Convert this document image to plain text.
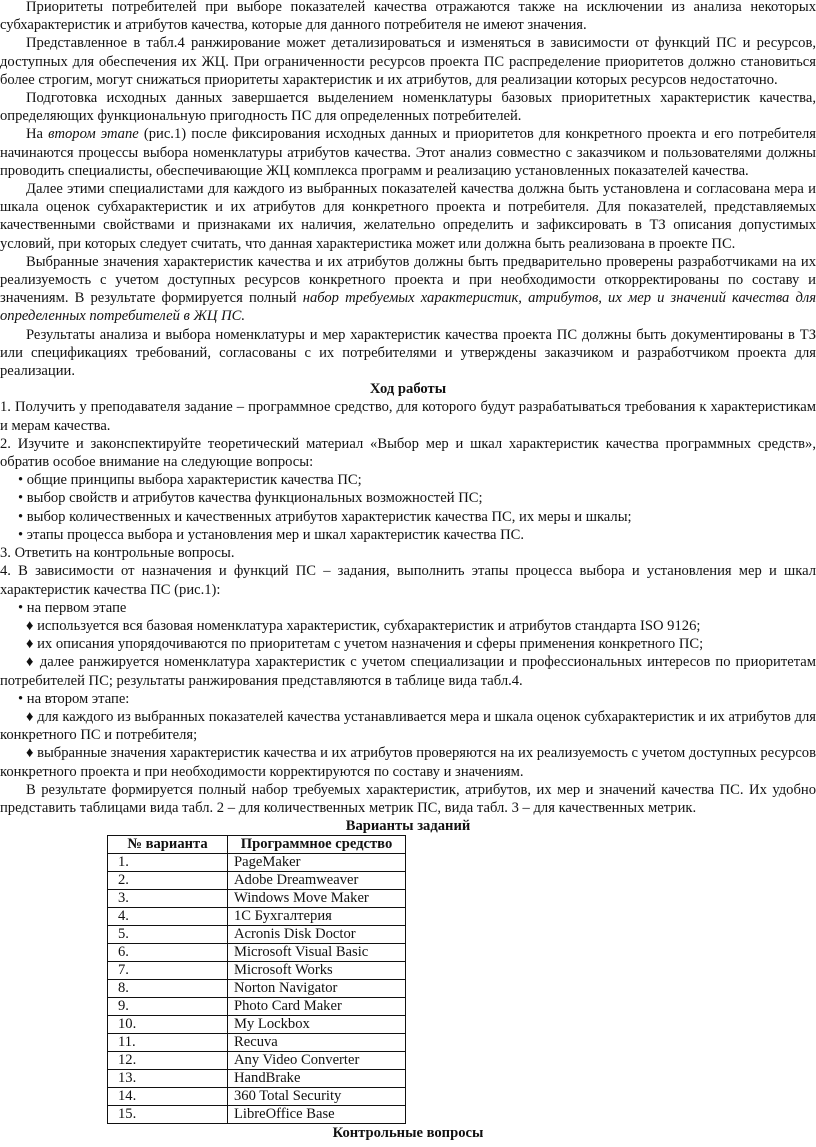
Приоритеты потребителей при выборе показателей качества отражаются также на исключении из анализа некоторых субхарактеристик и атрибутов качества, которые для данного потребителя не имеют значения.

Представленное в табл.4 ранжирование может детализироваться и изменяться в зависимости от функций ПС и ресурсов, доступных для обеспечения их ЖЦ. При ограниченности ресурсов проекта ПС распределение приоритетов должно становиться более строгим, могут снижаться приоритеты характеристик и их атрибутов, для реализации которых ресурсов недостаточно.

Подготовка исходных данных завершается выделением номенклатуры базовых приоритетных характеристик качества, определяющих функциональную пригодность ПС для определенных потребителей.

На втором этапе (рис.1) после фиксирования исходных данных и приоритетов для конкретного проекта и его потребителя начинаются процессы выбора номенклатуры атрибутов качества. Этот анализ совместно с заказчиком и пользователями должны проводить специалисты, обеспечивающие ЖЦ комплекса программ и реализацию установленных показателей качества.

Далее этими специалистами для каждого из выбранных показателей качества должна быть установлена и согласована мера и шкала оценок субхарактеристик и их атрибутов для конкретного проекта и потребителя. Для показателей, представляемых качественными свойствами и признаками их наличия, желательно определить и зафиксировать в ТЗ описания допустимых условий, при которых следует считать, что данная характеристика может или должна быть реализована в проекте ПС.

Выбранные значения характеристик качества и их атрибутов должны быть предварительно проверены разработчиками на их реализуемость с учетом доступных ресурсов конкретного проекта и при необходимости откорректированы по составу и значениям. В результате формируется полный набор требуемых характеристик, атрибутов, их мер и значений качества для определенных потребителей в ЖЦ ПС.

Результаты анализа и выбора номенклатуры и мер характеристик качества проекта ПС должны быть документированы в ТЗ или спецификациях требований, согласованы с их потребителями и утверждены заказчиком и разработчиком проекта для реализации.

Ход работы

1. Получить у преподавателя задание – программное средство, для которого будут разрабатываться требования к характеристикам и мерам качества.

2. Изучите и законспектируйте теоретический материал «Выбор мер и шкал характеристик качества программных средств», обратив особое внимание на следующие вопросы:

• общие принципы выбора характеристик качества ПС;

• выбор свойств и атрибутов качества функциональных возможностей ПС;

• выбор количественных и качественных атрибутов характеристик качества ПС, их меры и шкалы;

• этапы процесса выбора и установления мер и шкал характеристик качества ПС.

3. Ответить на контрольные вопросы.

4. В зависимости от назначения и функций ПС – задания, выполнить этапы процесса выбора и установления мер и шкал характеристик качества ПС (рис.1):

• на первом этапе

♦ используется вся базовая номенклатура характеристик, субхарактеристик и атрибутов стандарта ISO 9126;

♦ их описания упорядочиваются по приоритетам с учетом назначения и сферы применения конкретного ПС;

♦ далее ранжируется номенклатура характеристик с учетом специализации и профессиональных интересов по приоритетам потребителей ПС; результаты ранжирования представляются в таблице вида табл.4.

• на втором этапе:

♦ для каждого из выбранных показателей качества устанавливается мера и шкала оценок субхарактеристик и их атрибутов для конкретного ПС и потребителя;

♦ выбранные значения характеристик качества и их атрибутов проверяются на их реализуемость с учетом доступных ресурсов конкретного проекта и при необходимости корректируются по составу и значениям.

В результате формируется полный набор требуемых характеристик, атрибутов, их мер и значений качества ПС. Их удобно представить таблицами вида табл. 2 – для количественных метрик ПС, вида табл. 3 – для качественных метрик.

Варианты заданий

№ варианта	Программное средство
1.	PageMaker
2.	Adobe Dreamweaver
3.	Windows Move Maker
4.	1С Бухгалтерия
5.	Acronis Disk Doctor
6.	Microsoft Visual Basic
7.	Microsoft Works
8.	Norton Navigator
9.	Photo Card Maker
10.	My Lockbox
11.	Recuva
12.	Any Video Converter
13.	HandBrake
14.	360 Total Security
15.	LibreOffice Base

Контрольные вопросы
